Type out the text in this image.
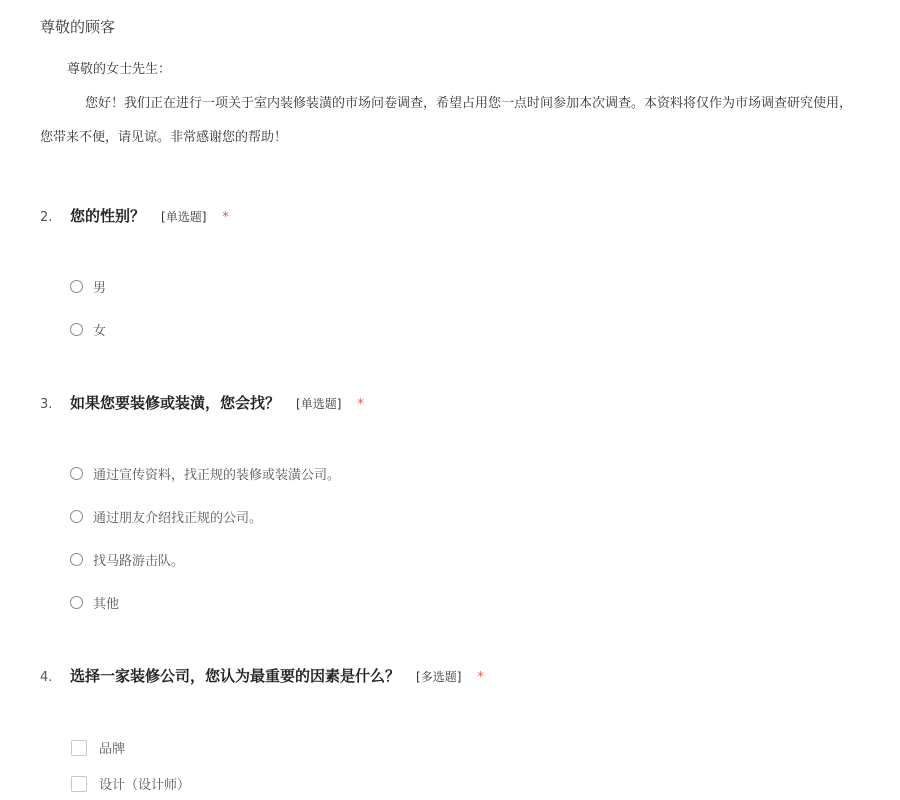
尊敬的顾客
尊敬的女士先生：
您好！我们正在进行一项关于室内装修装潢的市场问卷调查，希望占用您一点时间参加本次调查。本资料将仅作为市场调查研究使用，
您带来不便，请见谅。非常感谢您的帮助！
2.	您的性别？ [单选题] *
男
女
3.	如果您要装修或装潢，您会找？ [单选题] *
通过宣传资料，找正规的装修或装潢公司。
通过朋友介绍找正规的公司。
找马路游击队。
其他
4.	选择一家装修公司，您认为最重要的因素是什么？ [多选题] *
品牌
设计（设计师）
